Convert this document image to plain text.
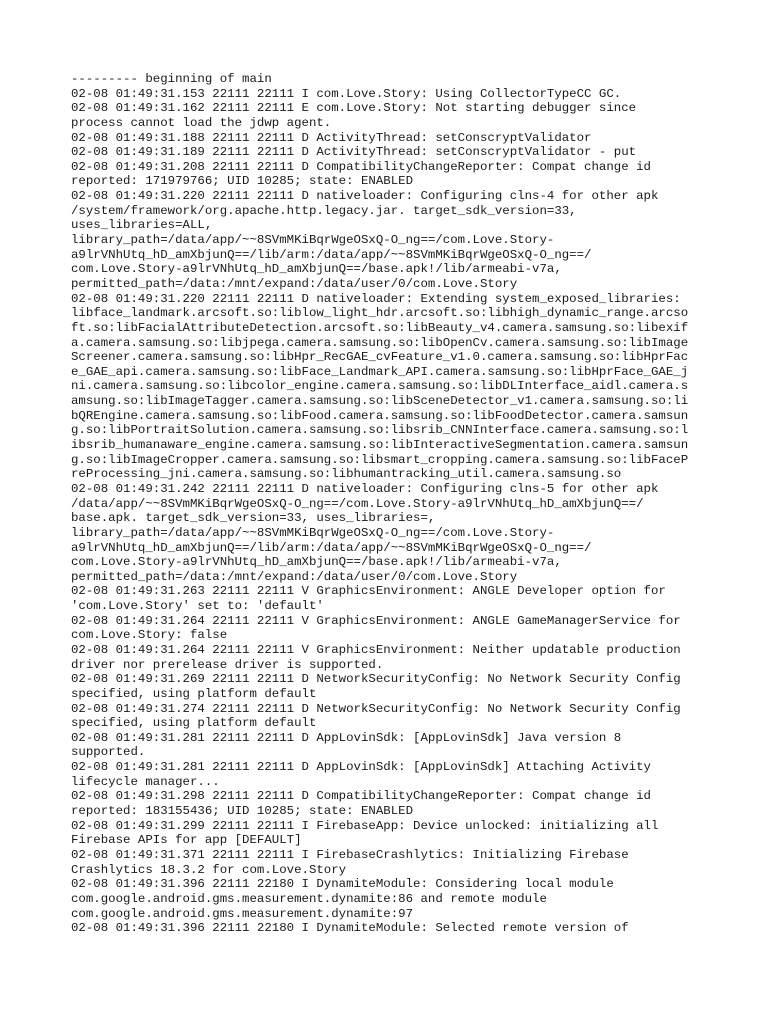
--------- beginning of main
02-08 01:49:31.153 22111 22111 I com.Love.Story: Using CollectorTypeCC GC.
02-08 01:49:31.162 22111 22111 E com.Love.Story: Not starting debugger since
process cannot load the jdwp agent.
02-08 01:49:31.188 22111 22111 D ActivityThread: setConscryptValidator
02-08 01:49:31.189 22111 22111 D ActivityThread: setConscryptValidator - put
02-08 01:49:31.208 22111 22111 D CompatibilityChangeReporter: Compat change id
reported: 171979766; UID 10285; state: ENABLED
02-08 01:49:31.220 22111 22111 D nativeloader: Configuring clns-4 for other apk
/system/framework/org.apache.http.legacy.jar. target_sdk_version=33,
uses_libraries=ALL,
library_path=/data/app/~~8SVmMKiBqrWgeOSxQ-O_ng==/com.Love.Story-
a9lrVNhUtq_hD_amXbjunQ==/lib/arm:/data/app/~~8SVmMKiBqrWgeOSxQ-O_ng==/
com.Love.Story-a9lrVNhUtq_hD_amXbjunQ==/base.apk!/lib/armeabi-v7a,
permitted_path=/data:/mnt/expand:/data/user/0/com.Love.Story
02-08 01:49:31.220 22111 22111 D nativeloader: Extending system_exposed_libraries:
libface_landmark.arcsoft.so:liblow_light_hdr.arcsoft.so:libhigh_dynamic_range.arcso
ft.so:libFacialAttributeDetection.arcsoft.so:libBeauty_v4.camera.samsung.so:libexif
a.camera.samsung.so:libjpega.camera.samsung.so:libOpenCv.camera.samsung.so:libImage
Screener.camera.samsung.so:libHpr_RecGAE_cvFeature_v1.0.camera.samsung.so:libHprFac
e_GAE_api.camera.samsung.so:libFace_Landmark_API.camera.samsung.so:libHprFace_GAE_j
ni.camera.samsung.so:libcolor_engine.camera.samsung.so:libDLInterface_aidl.camera.s
amsung.so:libImageTagger.camera.samsung.so:libSceneDetector_v1.camera.samsung.so:li
bQREngine.camera.samsung.so:libFood.camera.samsung.so:libFoodDetector.camera.samsun
g.so:libPortraitSolution.camera.samsung.so:libsrib_CNNInterface.camera.samsung.so:l
ibsrib_humanaware_engine.camera.samsung.so:libInteractiveSegmentation.camera.samsun
g.so:libImageCropper.camera.samsung.so:libsmart_cropping.camera.samsung.so:libFaceP
reProcessing_jni.camera.samsung.so:libhumantracking_util.camera.samsung.so
02-08 01:49:31.242 22111 22111 D nativeloader: Configuring clns-5 for other apk
/data/app/~~8SVmMKiBqrWgeOSxQ-O_ng==/com.Love.Story-a9lrVNhUtq_hD_amXbjunQ==/
base.apk. target_sdk_version=33, uses_libraries=,
library_path=/data/app/~~8SVmMKiBqrWgeOSxQ-O_ng==/com.Love.Story-
a9lrVNhUtq_hD_amXbjunQ==/lib/arm:/data/app/~~8SVmMKiBqrWgeOSxQ-O_ng==/
com.Love.Story-a9lrVNhUtq_hD_amXbjunQ==/base.apk!/lib/armeabi-v7a,
permitted_path=/data:/mnt/expand:/data/user/0/com.Love.Story
02-08 01:49:31.263 22111 22111 V GraphicsEnvironment: ANGLE Developer option for
'com.Love.Story' set to: 'default'
02-08 01:49:31.264 22111 22111 V GraphicsEnvironment: ANGLE GameManagerService for
com.Love.Story: false
02-08 01:49:31.264 22111 22111 V GraphicsEnvironment: Neither updatable production
driver nor prerelease driver is supported.
02-08 01:49:31.269 22111 22111 D NetworkSecurityConfig: No Network Security Config
specified, using platform default
02-08 01:49:31.274 22111 22111 D NetworkSecurityConfig: No Network Security Config
specified, using platform default
02-08 01:49:31.281 22111 22111 D AppLovinSdk: [AppLovinSdk] Java version 8
supported.
02-08 01:49:31.281 22111 22111 D AppLovinSdk: [AppLovinSdk] Attaching Activity
lifecycle manager...
02-08 01:49:31.298 22111 22111 D CompatibilityChangeReporter: Compat change id
reported: 183155436; UID 10285; state: ENABLED
02-08 01:49:31.299 22111 22111 I FirebaseApp: Device unlocked: initializing all
Firebase APIs for app [DEFAULT]
02-08 01:49:31.371 22111 22111 I FirebaseCrashlytics: Initializing Firebase
Crashlytics 18.3.2 for com.Love.Story
02-08 01:49:31.396 22111 22180 I DynamiteModule: Considering local module
com.google.android.gms.measurement.dynamite:86 and remote module
com.google.android.gms.measurement.dynamite:97
02-08 01:49:31.396 22111 22180 I DynamiteModule: Selected remote version of
